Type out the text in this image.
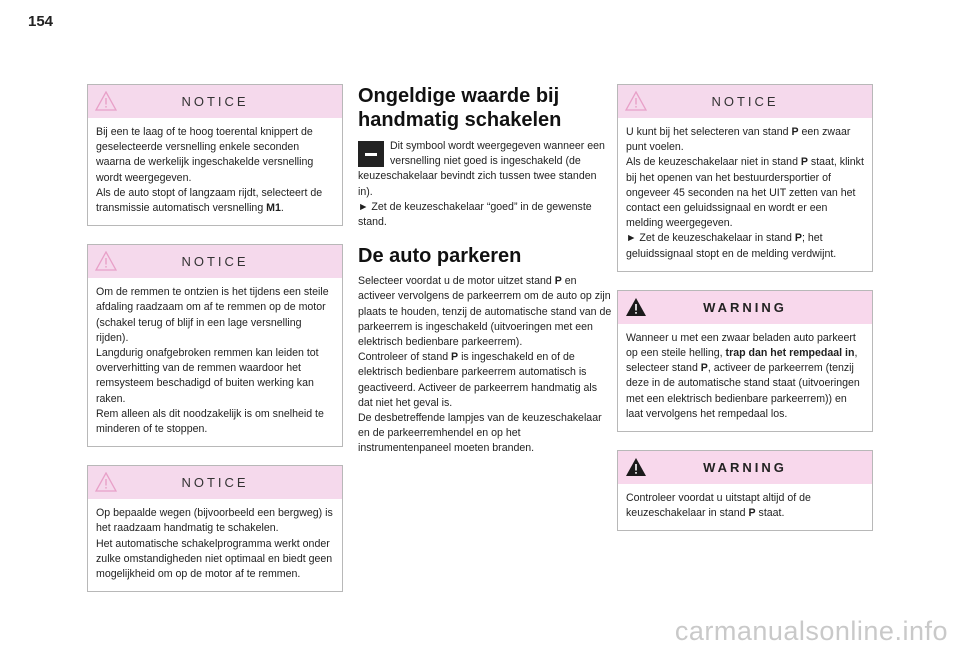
154
NOTICE

Bij een te laag of te hoog toerental knippert de geselecteerde versnelling enkele seconden waarna de werkelijk ingeschakelde versnelling wordt weergegeven.

Als de auto stopt of langzaam rijdt, selecteert de transmissie automatisch versnelling M1.

NOTICE

Om de remmen te ontzien is het tijdens een steile afdaling raadzaam om af te remmen op de motor (schakel terug of blijf in een lage versnelling rijden).

Langdurig onafgebroken remmen kan leiden tot oververhitting van de remmen waardoor het remsysteem beschadigd of buiten werking kan raken.

Rem alleen als dit noodzakelijk is om snelheid te minderen of te stoppen.

NOTICE

Op bepaalde wegen (bijvoorbeeld een bergweg) is het raadzaam handmatig te schakelen.

Het automatische schakelprogramma werkt onder zulke omstandigheden niet optimaal en biedt geen mogelijkheid om op de motor af te remmen.

Ongeldige waarde bij handmatig schakelen

Dit symbool wordt weergegeven wanneer een versnelling niet goed is ingeschakeld (de keuzeschakelaar bevindt zich tussen twee standen in).

► Zet de keuzeschakelaar “goed” in de gewenste stand.

De auto parkeren

Selecteer voordat u de motor uitzet stand P en activeer vervolgens de parkeerrem om de auto op zijn plaats te houden, tenzij de automatische stand van de parkeerrem is ingeschakeld (uitvoeringen met een elektrisch bedienbare parkeerrem).

Controleer of stand P is ingeschakeld en of de elektrisch bedienbare parkeerrem automatisch is geactiveerd. Activeer de parkeerrem handmatig als dat niet het geval is.

De desbetreffende lampjes van de keuzeschakelaar en de parkeerremhendel en op het instrumentenpaneel moeten branden.

NOTICE

U kunt bij het selecteren van stand P een zwaar punt voelen.

Als de keuzeschakelaar niet in stand P staat, klinkt bij het openen van het bestuurdersportier of ongeveer 45 seconden na het UIT zetten van het contact een geluidssignaal en wordt er een melding weergegeven.

► Zet de keuzeschakelaar in stand P; het geluidssignaal stopt en de melding verdwijnt.

WARNING

Wanneer u met een zwaar beladen auto parkeert op een steile helling, trap dan het rempedaal in, selecteer stand P, activeer de parkeerrem (tenzij deze in de automatische stand staat (uitvoeringen met een elektrisch bedienbare parkeerrem)) en laat vervolgens het rempedaal los.

WARNING

Controleer voordat u uitstapt altijd of de keuzeschakelaar in stand P staat.

carmanualsonline.info
